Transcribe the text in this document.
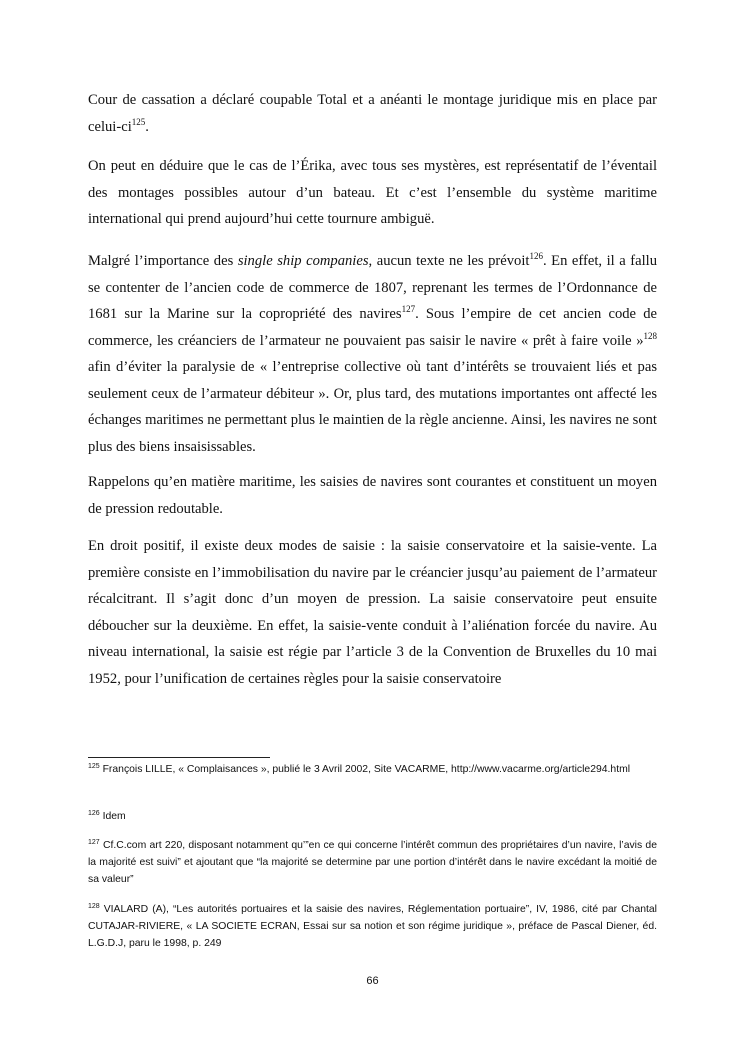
Cour de cassation a déclaré coupable Total et a anéanti le montage juridique mis en place par celui-$ci^{125}$.

On peut en déduire que le cas de l’Érika, avec tous ses mystères, est représentatif de l’éventail des montages possibles autour d’un bateau. Et c’est l’ensemble du système maritime international qui prend aujourd’hui cette tournure ambiguë.

Malgré l’importance des single ship companies, aucun texte ne les prévoit$^{126}$. En effet, il a fallu se contenter de l’ancien code de commerce de 1807, reprenant les termes de l’Ordonnance de 1681 sur la Marine sur la copropriété des navires$^{127}$. Sous l’empire de cet ancien code de commerce, les créanciers de l’armateur ne pouvaient pas saisir le navire « prêt à faire voile »$^{128}$ afin d’éviter la paralysie de « l’entreprise collective où tant d’intérêts se trouvaient liés et pas seulement ceux de l’armateur débiteur ». Or, plus tard, des mutations importantes ont affecté les échanges maritimes ne permettant plus le maintien de la règle ancienne. Ainsi, les navires ne sont plus des biens insaisissables.

Rappelons qu’en matière maritime, les saisies de navires sont courantes et constituent un moyen de pression redoutable.

En droit positif, il existe deux modes de saisie : la saisie conservatoire et la saisie-vente. La première consiste en l’immobilisation du navire par le créancier jusqu’au paiement de l’armateur récalcitrant. Il s’agit donc d’un moyen de pression. La saisie conservatoire peut ensuite déboucher sur la deuxième. En effet, la saisie-vente conduit à l’aliénation forcée du navire. Au niveau international, la saisie est régie par l’article 3 de la Convention de Bruxelles du 10 mai 1952, pour l’unification de certaines règles pour la saisie conservatoire

$^{125}$ François LILLE, « Complaisances », publié le 3 Avril 2002, Site VACARME, http://www.vacarme.org/article294.html

$^{126}$ Idem

$^{127}$ Cf.C.com art 220, disposant notamment qu’”en ce qui concerne l’intérêt commun des propriétaires d’un navire, l’avis de la majorité est suivi” et ajoutant que “la majorité se determine par une portion d’intérêt dans le navire excédant la moitié de sa valeur”

$^{128}$ VIALARD (A), “Les autorités portuaires et la saisie des navires, Réglementation portuaire”, IV, 1986, cité par Chantal CUTAJAR-RIVIERE, « LA SOCIETE ECRAN, Essai sur sa notion et son régime juridique », préface de Pascal Diener, éd. L.G.D.J, paru le 1998, p. 249

66
